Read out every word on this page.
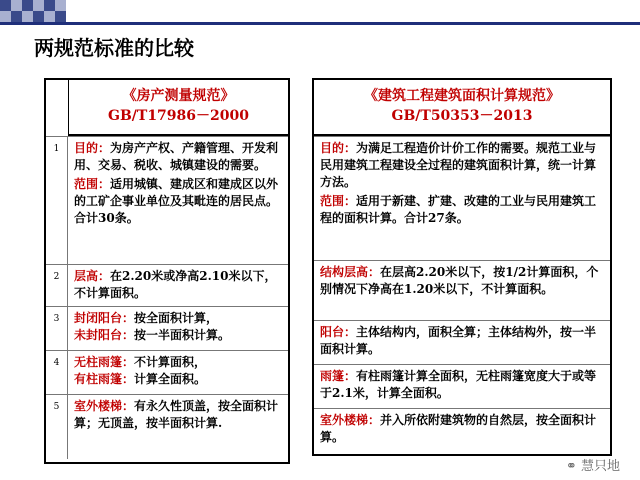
两规范标准的比较
《房产测量规范》
GB/T17986－2000
1	目的：为房产产权、产籍管理、开发利用、交易、税收、城镇建设的需要。

范围：适用城镇、建成区和建成区以外的工矿企事业单位及其毗连的居民点。合计30条。

2	层高：在2.20米或净高2.10米以下，不计算面积。

3	封闭阳台：按全面积计算，

未封阳台：按一半面积计算。

4	无柱雨篷：不计算面积，

有柱雨篷：计算全面积。

5	室外楼梯：有永久性顶盖，按全面积计算；无顶盖，按半面积计算.

《建筑工程建筑面积计算规范》
GB/T50353－2013

目的：为满足工程造价计价工作的需要。规范工业与民用建筑工程建设全过程的建筑面积计算，统一计算方法。

范围：适用于新建、扩建、改建的工业与民用建筑工程的面积计算。合计27条。

结构层高：在层高2.20米以下，按1/2计算面积，个别情况下净高在1.20米以下，不计算面积。

阳台：主体结构内，面积全算；主体结构外，按一半面积计算。

雨篷：有柱雨篷计算全面积，无柱雨篷宽度大于或等于2.1米，计算全面积。

室外楼梯：并入所依附建筑物的自然层，按全面积计算。

⚭ 慧只地
